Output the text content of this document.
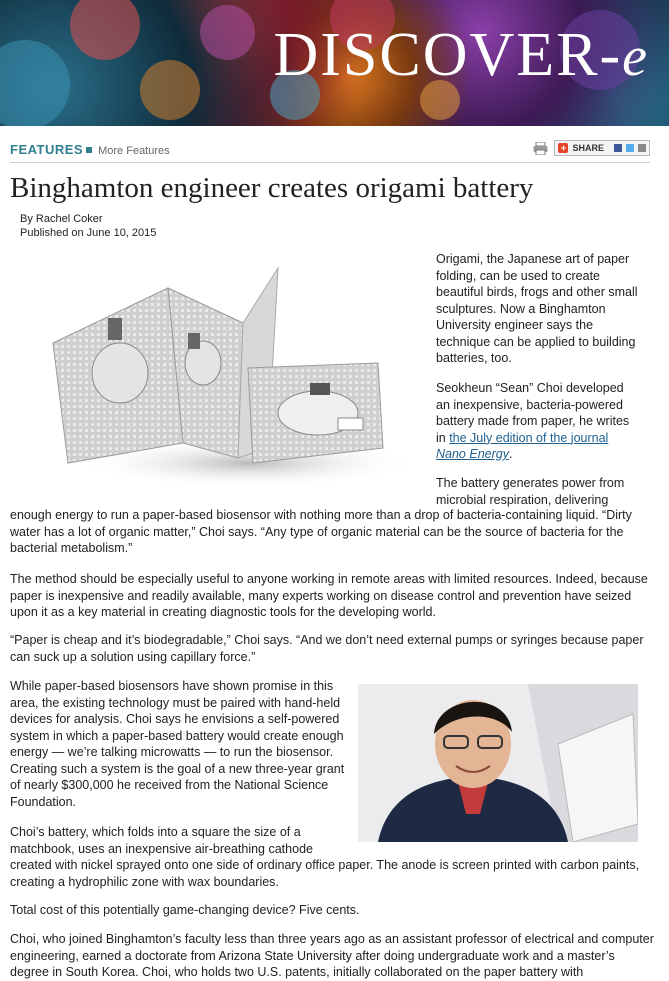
DISCOVER-e
FEATURES More Features	+ SHARE
Binghamton engineer creates origami battery
By Rachel Coker
Published on June 10, 2015

Origami, the Japanese art of paper folding, can be used to create beautiful birds, frogs and other small sculptures. Now a Binghamton University engineer says the technique can be applied to building batteries, too.

Seokheun “Sean” Choi developed an inexpensive, bacteria-powered battery made from paper, he writes in the July edition of the journal Nano Energy.

The battery generates power from microbial respiration, delivering

enough energy to run a paper-based biosensor with nothing more than a drop of bacteria-containing liquid. “Dirty water has a lot of organic matter,” Choi says. “Any type of organic material can be the source of bacteria for the bacterial metabolism.”

The method should be especially useful to anyone working in remote areas with limited resources. Indeed, because paper is inexpensive and readily available, many experts working on disease control and prevention have seized upon it as a key material in creating diagnostic tools for the developing world.

“Paper is cheap and it’s biodegradable,” Choi says. “And we don’t need external pumps or syringes because paper can suck up a solution using capillary force.”

While paper-based biosensors have shown promise in this area, the existing technology must be paired with hand-held devices for analysis. Choi says he envisions a self-powered system in which a paper-based battery would create enough energy — we’re talking microwatts — to run the biosensor. Creating such a system is the goal of a new three-year grant of nearly $300,000 he received from the National Science Foundation.

Choi’s battery, which folds into a square the size of a matchbook, uses an inexpensive air-breathing cathode

created with nickel sprayed onto one side of ordinary office paper. The anode is screen printed with carbon paints, creating a hydrophilic zone with wax boundaries.

Total cost of this potentially game-changing device? Five cents.

Choi, who joined Binghamton’s faculty less than three years ago as an assistant professor of electrical and computer engineering, earned a doctorate from Arizona State University after doing undergraduate work and a master’s degree in South Korea. Choi, who holds two U.S. patents, initially collaborated on the paper battery with
